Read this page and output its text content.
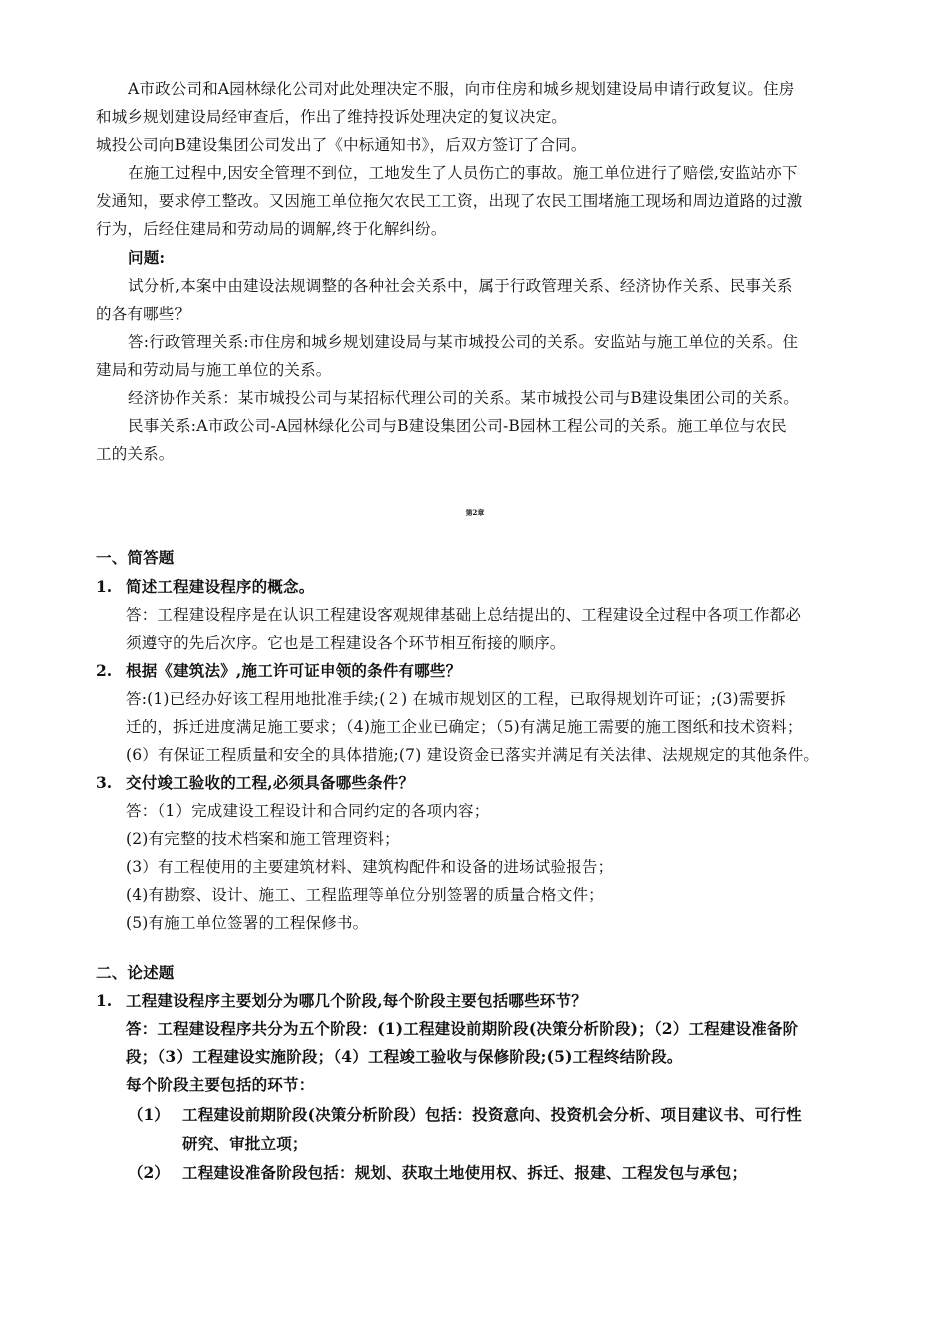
A市政公司和A园林绿化公司对此处理决定不服，向市住房和城乡规划建设局申请行政复议。住房
和城乡规划建设局经审查后，作出了维持投诉处理决定的复议决定。
城投公司向B建设集团公司发出了《中标通知书》，后双方签订了合同。
在施工过程中,因安全管理不到位，工地发生了人员伤亡的事故。施工单位进行了赔偿,安监站亦下
发通知，要求停工整改。又因施工单位拖欠农民工工资，出现了农民工围堵施工现场和周边道路的过激
行为，后经住建局和劳动局的调解,终于化解纠纷。
问题:
试分析,本案中由建设法规调整的各种社会关系中，属于行政管理关系、经济协作关系、民事关系
的各有哪些？
答:行政管理关系:市住房和城乡规划建设局与某市城投公司的关系。安监站与施工单位的关系。住
建局和劳动局与施工单位的关系。
经济协作关系：某市城投公司与某招标代理公司的关系。某市城投公司与B建设集团公司的关系。
民事关系:A市政公司-A园林绿化公司与B建设集团公司-B园林工程公司的关系。施工单位与农民
工的关系。
第2章
一、简答题
1. 简述工程建设程序的概念。
答：工程建设程序是在认识工程建设客观规律基础上总结提出的、工程建设全过程中各项工作都必
须遵守的先后次序。它也是工程建设各个环节相互衔接的顺序。
2. 根据《建筑法》,施工许可证申领的条件有哪些？
答:(1)已经办好该工程用地批准手续;(２) 在城市规划区的工程，已取得规划许可证；;(3)需要拆
迁的，拆迁进度满足施工要求；（4)施工企业已确定；（5)有满足施工需要的施工图纸和技术资料；
(6）有保证工程质量和安全的具体措施;(7) 建设资金已落实并满足有关法律、法规规定的其他条件。
3. 交付竣工验收的工程,必须具备哪些条件？
答：（1）完成建设工程设计和合同约定的各项内容；
(2)有完整的技术档案和施工管理资料；
(3）有工程使用的主要建筑材料、建筑构配件和设备的进场试验报告；
(4)有勘察、设计、施工、工程监理等单位分别签署的质量合格文件；
(5)有施工单位签署的工程保修书。
二、论述题
1. 工程建设程序主要划分为哪几个阶段,每个阶段主要包括哪些环节？
答：工程建设程序共分为五个阶段：(1)工程建设前期阶段(决策分析阶段)；（2）工程建设准备阶
段；（3）工程建设实施阶段；（4）工程竣工验收与保修阶段;(5)工程终结阶段。
每个阶段主要包括的环节：
（1） 工程建设前期阶段(决策分析阶段）包括：投资意向、投资机会分析、项目建议书、可行性
研究、审批立项；
（2） 工程建设准备阶段包括：规划、获取土地使用权、拆迁、报建、工程发包与承包；
